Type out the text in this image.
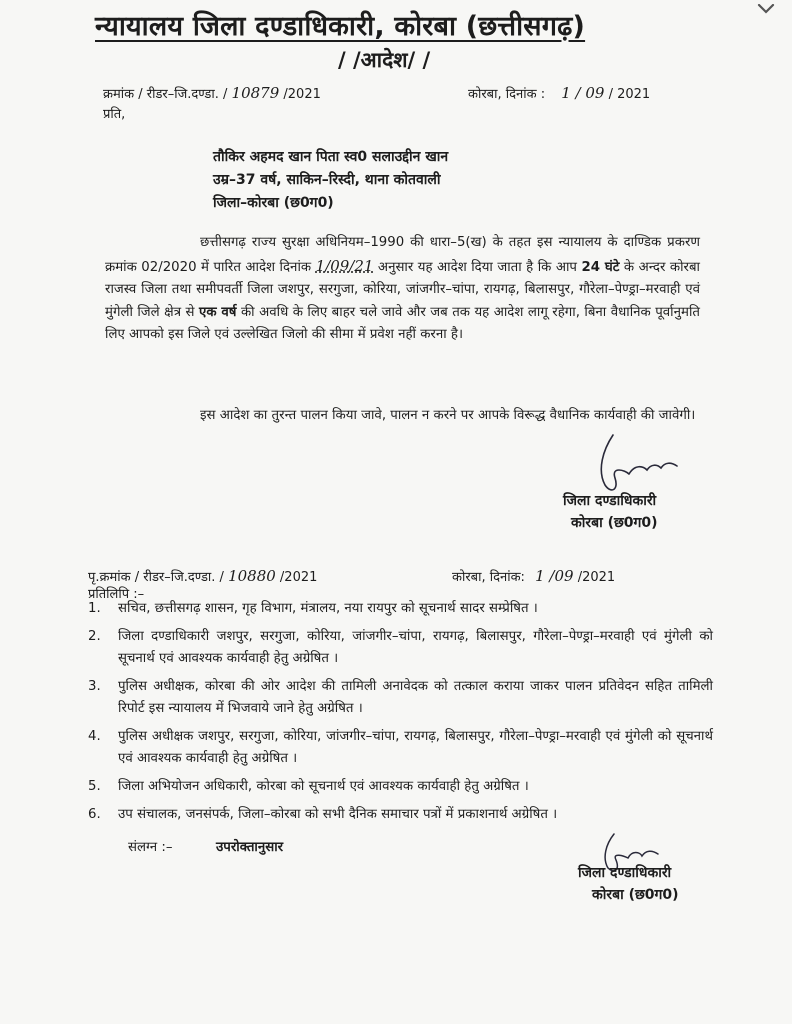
न्यायालय जिला दण्डाधिकारी, कोरबा (छत्तीसगढ़)
/ /आदेश/ /
क्रमांक / रीडर–जि.दण्डा. / 10879 /2021	कोरबा, दिनांक : 1 / 09 / 2021
प्रति,
तौकिर अहमद खान पिता स्व0 सलाउद्दीन खान
उम्र–37 वर्ष, साकिन–रिस्दी, थाना कोतवाली
जिला–कोरबा (छ0ग0)
छत्तीसगढ़ राज्य सुरक्षा अधिनियम–1990 की धारा–5(ख) के तहत इस न्यायालय के दाण्डिक प्रकरण क्रमांक 02/2020 में पारित आदेश दिनांक 1/09/21 अनुसार यह आदेश दिया जाता है कि आप 24 घंटे के अन्दर कोरबा राजस्व जिला तथा समीपवर्ती जिला जशपुर, सरगुजा, कोरिया, जांजगीर–चांपा, रायगढ़, बिलासपुर, गौरेला–पेण्ड्रा–मरवाही एवं मुंगेली जिले क्षेत्र से एक वर्ष की अवधि के लिए बाहर चले जावे और जब तक यह आदेश लागू रहेगा, बिना वैधानिक पूर्वानुमति लिए आपको इस जिले एवं उल्लेखित जिलो की सीमा में प्रवेश नहीं करना है।
इस आदेश का तुरन्त पालन किया जावे, पालन न करने पर आपके विरूद्ध वैधानिक कार्यवाही की जावेगी।
जिला दण्डाधिकारी
कोरबा (छ0ग0)
पृ.क्रमांक / रीडर–जि.दण्डा. / 10880 /2021	कोरबा, दिनांक: 1 /09 /2021
प्रतिलिपि :–
1.	सचिव, छत्तीसगढ़ शासन, गृह विभाग, मंत्रालय, नया रायपुर को सूचनार्थ सादर सम्प्रेषित ।
2.	जिला दण्डाधिकारी जशपुर, सरगुजा, कोरिया, जांजगीर–चांपा, रायगढ़, बिलासपुर, गौरेला–पेण्ड्रा–मरवाही एवं मुंगेली को सूचनार्थ एवं आवश्यक कार्यवाही हेतु अग्रेषित ।
3.	पुलिस अधीक्षक, कोरबा की ओर आदेश की तामिली अनावेदक को तत्काल कराया जाकर पालन प्रतिवेदन सहित तामिली रिपोर्ट इस न्यायालय में भिजवाये जाने हेतु अग्रेषित ।
4.	पुलिस अधीक्षक जशपुर, सरगुजा, कोरिया, जांजगीर–चांपा, रायगढ़, बिलासपुर, गौरेला–पेण्ड्रा–मरवाही एवं मुंगेली को सूचनार्थ एवं आवश्यक कार्यवाही हेतु अग्रेषित ।
5.	जिला अभियोजन अधिकारी, कोरबा को सूचनार्थ एवं आवश्यक कार्यवाही हेतु अग्रेषित ।
6.	उप संचालक, जनसंपर्क, जिला–कोरबा को सभी दैनिक समाचार पत्रों में प्रकाशनार्थ अग्रेषित ।
संलग्न :–	उपरोक्तानुसार
जिला दण्डाधिकारी
कोरबा (छ0ग0)
